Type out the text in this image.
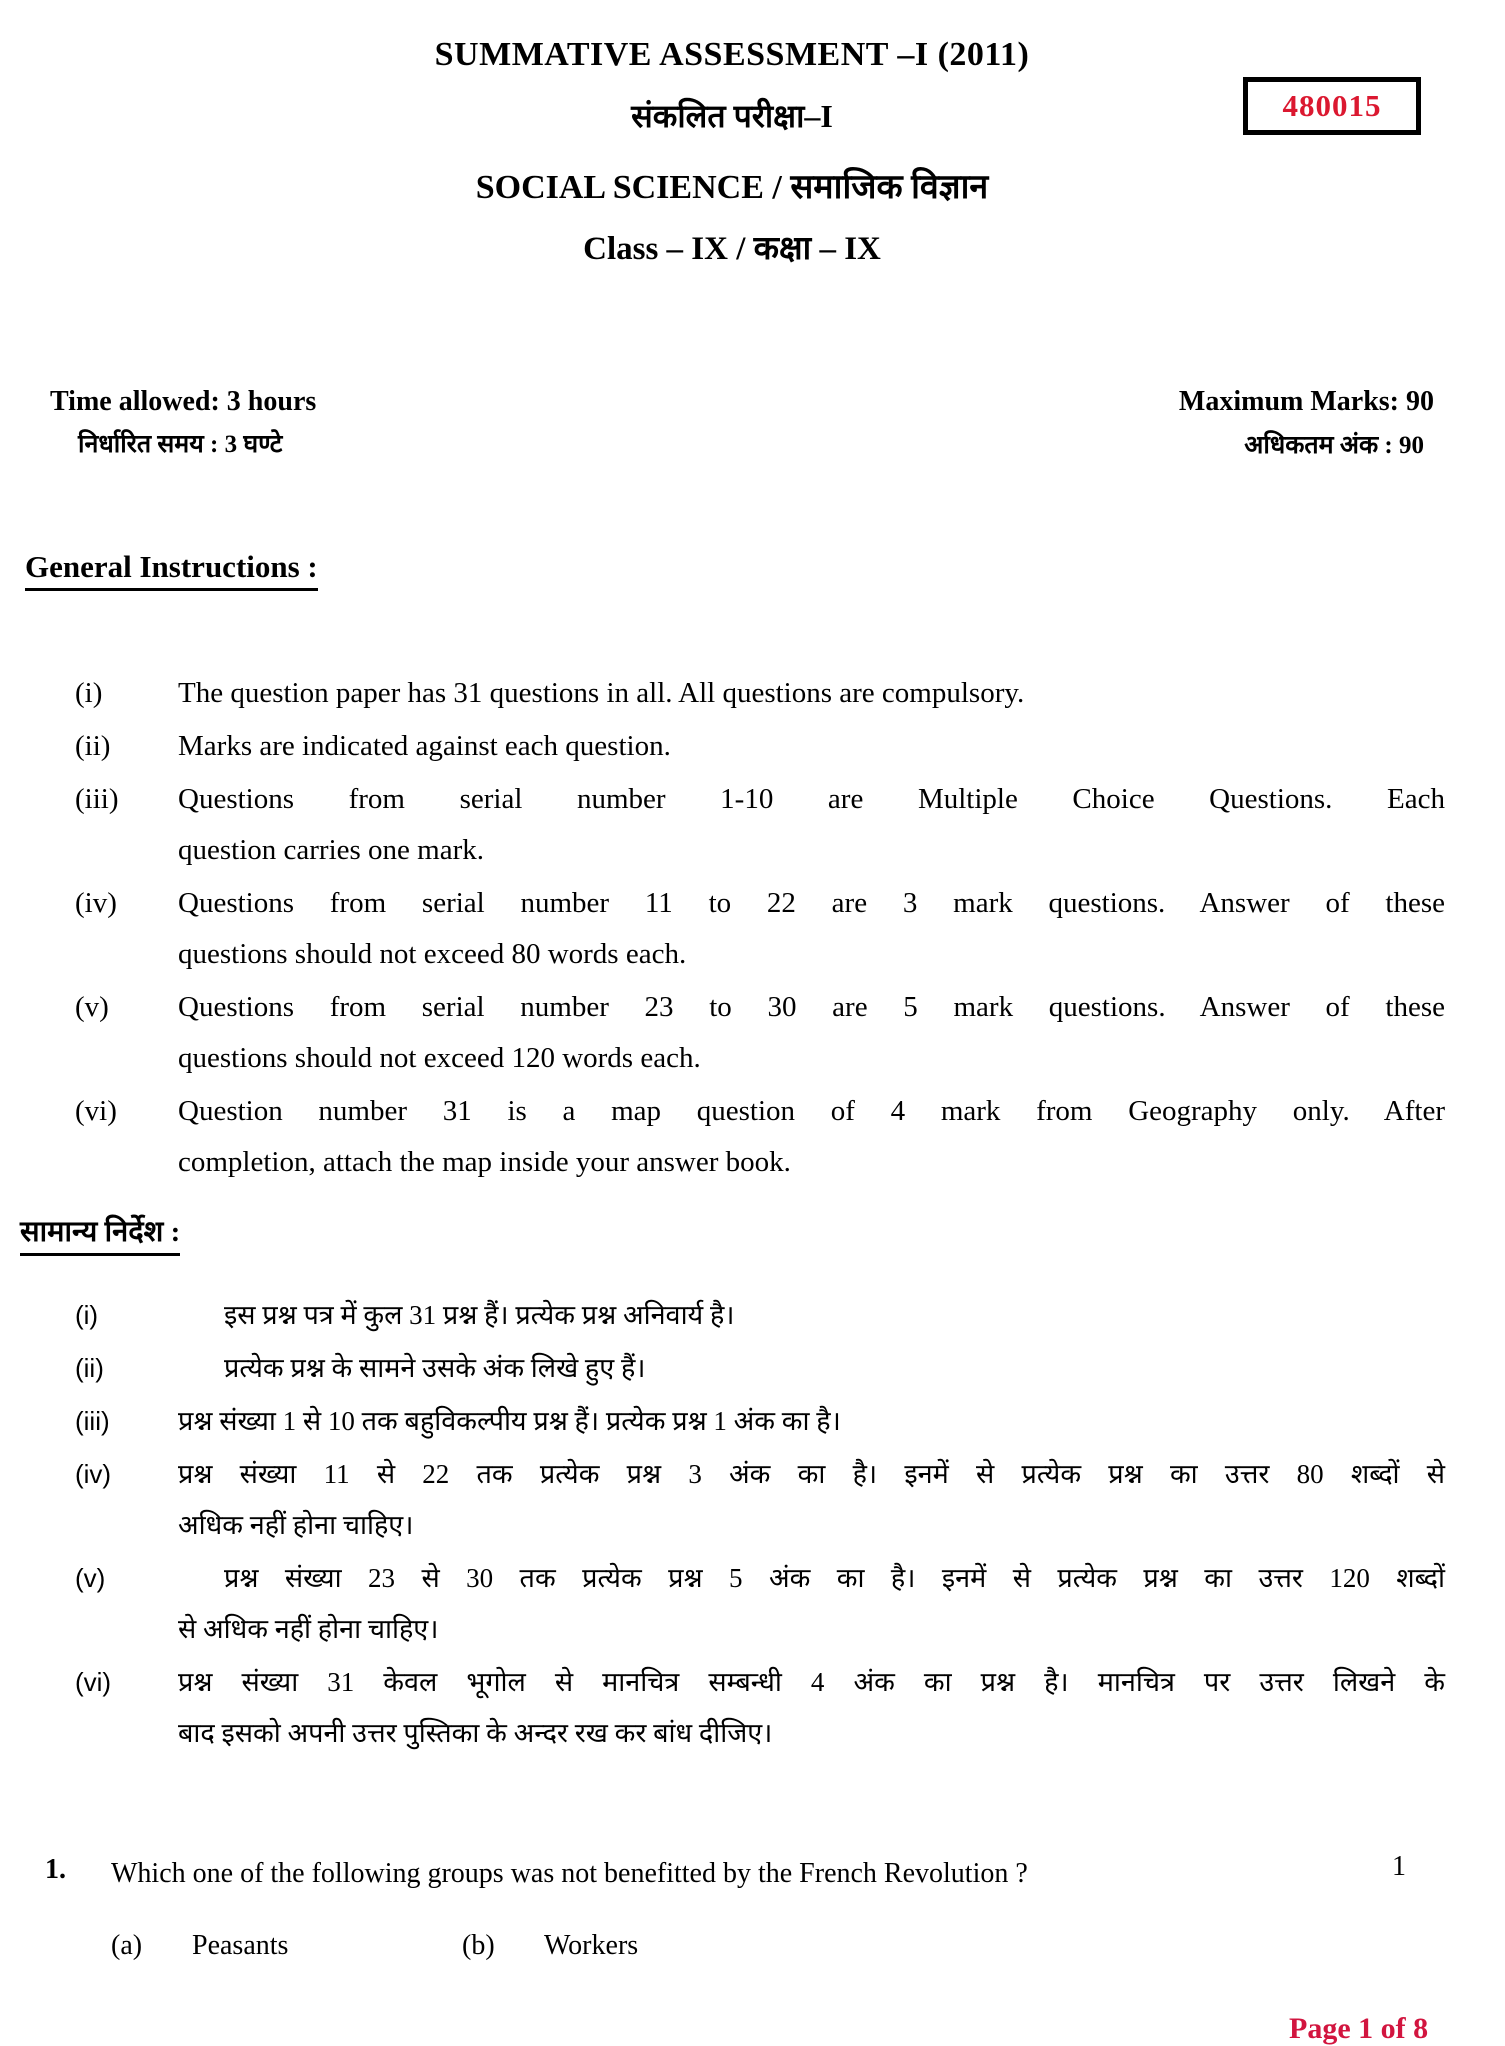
SUMMATIVE ASSESSMENT –I (2011)
संकलित परीक्षा–I
SOCIAL SCIENCE / समाजिक विज्ञान
Class – IX / कक्षा – IX
480015
Time allowed: 3 hours
निर्धारित समय : 3 घण्टे
Maximum Marks: 90
अधिकतम अंक : 90
General Instructions :
(i)	The question paper has 31 questions in all. All questions are compulsory.
(ii)	Marks are indicated against each question.
(iii)	Questions from serial number 1-10 are Multiple Choice Questions. Each
question carries one mark.
(iv)	Questions from serial number 11 to 22 are 3 mark questions. Answer of these
questions should not exceed 80 words each.
(v)	Questions from serial number 23 to 30 are 5 mark questions. Answer of these
questions should not exceed 120 words each.
(vi)	Question number 31 is a map question of 4 mark from Geography only. After
completion, attach the map inside your answer book.
सामान्य निर्देश :
(i)	इस प्रश्न पत्र में कुल 31 प्रश्न हैं। प्रत्येक प्रश्न अनिवार्य है।
(ii)	प्रत्येक प्रश्न के सामने उसके अंक लिखे हुए हैं।
(iii)	प्रश्न संख्या 1 से 10 तक बहुविकल्पीय प्रश्न हैं। प्रत्येक प्रश्न 1 अंक का है।
(iv)	प्रश्न संख्या 11 से 22 तक प्रत्येक प्रश्न 3 अंक का है। इनमें से प्रत्येक प्रश्न का उत्तर 80 शब्दों से
अधिक नहीं होना चाहिए।
(v)	प्रश्न संख्या 23 से 30 तक प्रत्येक प्रश्न 5 अंक का है। इनमें से प्रत्येक प्रश्न का उत्तर 120 शब्दों
से अधिक नहीं होना चाहिए।
(vi)	प्रश्न संख्या 31 केवल भूगोल से मानचित्र सम्बन्धी 4 अंक का प्रश्न है। मानचित्र पर उत्तर लिखने के
बाद इसको अपनी उत्तर पुस्तिका के अन्दर रख कर बांध दीजिए।
1. Which one of the following groups was not benefitted by the French Revolution ?	1
(a) Peasants	(b) Workers
Page 1 of 8
